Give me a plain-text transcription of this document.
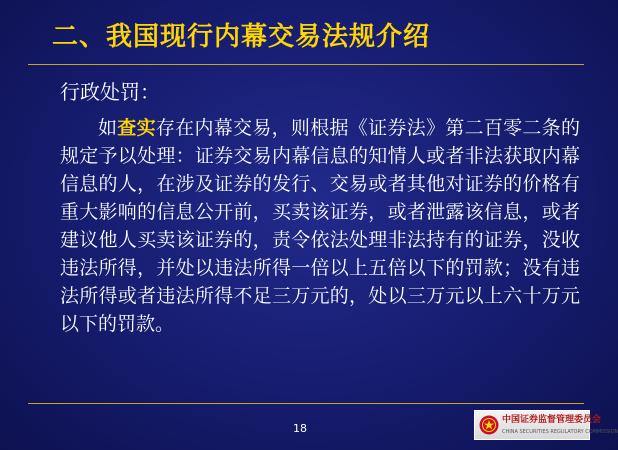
二、我国现行内幕交易法规介绍

行政处罚：

如查实存在内幕交易，则根据《证券法》第二百零二条的规定予以处理：证券交易内幕信息的知情人或者非法获取内幕信息的人，在涉及证券的发行、交易或者其他对证券的价格有重大影响的信息公开前，买卖该证券，或者泄露该信息，或者建议他人买卖该证券的，责令依法处理非法持有的证券，没收违法所得，并处以违法所得一倍以上五倍以下的罚款；没有违法所得或者违法所得不足三万元的，处以三万元以上六十万元以下的罚款。

18
中国证券监督管理委员会
CHINA SECURITIES REGULATORY COMMISSION
